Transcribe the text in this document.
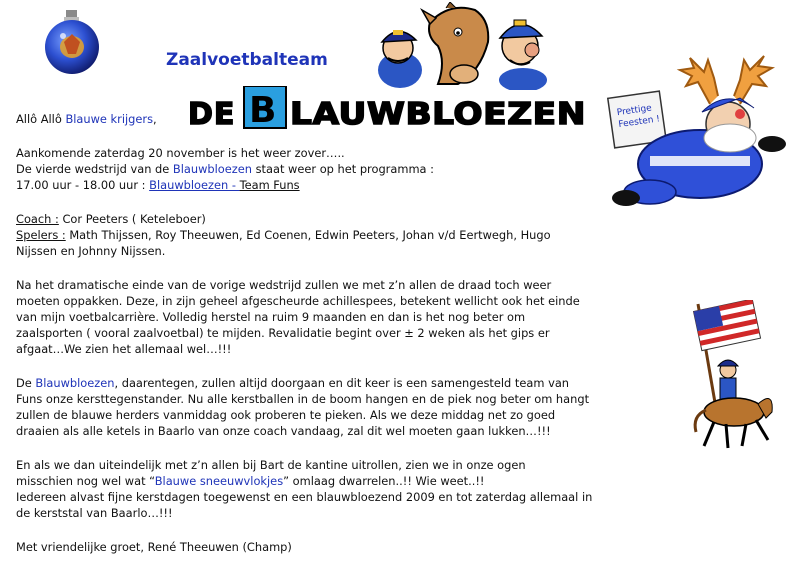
Zaalvoetbalteam
DE B LAUWBLOEZEN	Prettige
Feesten !
Allô Allô Blauwe krijgers,
Aankomende zaterdag 20 november is het weer zover…..
De vierde wedstrijd van de Blauwbloezen staat weer op het programma :
17.00 uur - 18.00 uur : Blauwbloezen - Team Funs
Coach : Cor Peeters ( Keteleboer)
Spelers : Math Thijssen, Roy Theeuwen, Ed Coenen, Edwin Peeters, Johan v/d Eertwegh, Hugo
Nijssen en Johnny Nijssen.
Na het dramatische einde van de vorige wedstrijd zullen we met z’n allen de draad toch weer
moeten oppakken. Deze, in zijn geheel afgescheurde achillespees, betekent wellicht ook het einde
van mijn voetbalcarrière. Volledig herstel na ruim 9 maanden en dan is het nog beter om
zaalsporten ( vooral zaalvoetbal) te mijden. Revalidatie begint over ± 2 weken als het gips er
afgaat…We zien het allemaal wel…!!!
De Blauwbloezen, daarentegen, zullen altijd doorgaan en dit keer is een samengesteld team van
Funs onze kersttegenstander. Nu alle kerstballen in de boom hangen en de piek nog beter om hangt
zullen de blauwe herders vanmiddag ook proberen te pieken. Als we deze middag net zo goed
draaien als alle ketels in Baarlo van onze coach vandaag, zal dit wel moeten gaan lukken…!!!
En als we dan uiteindelijk met z’n allen bij Bart de kantine uitrollen, zien we in onze ogen
misschien nog wel wat “Blauwe sneeuwvlokjes” omlaag dwarrelen..!! Wie weet..!!
Iedereen alvast fijne kerstdagen toegewenst en een blauwbloezend 2009 en tot zaterdag allemaal in
de kerststal van Baarlo…!!!
Met vriendelijke groet, René Theeuwen (Champ)
